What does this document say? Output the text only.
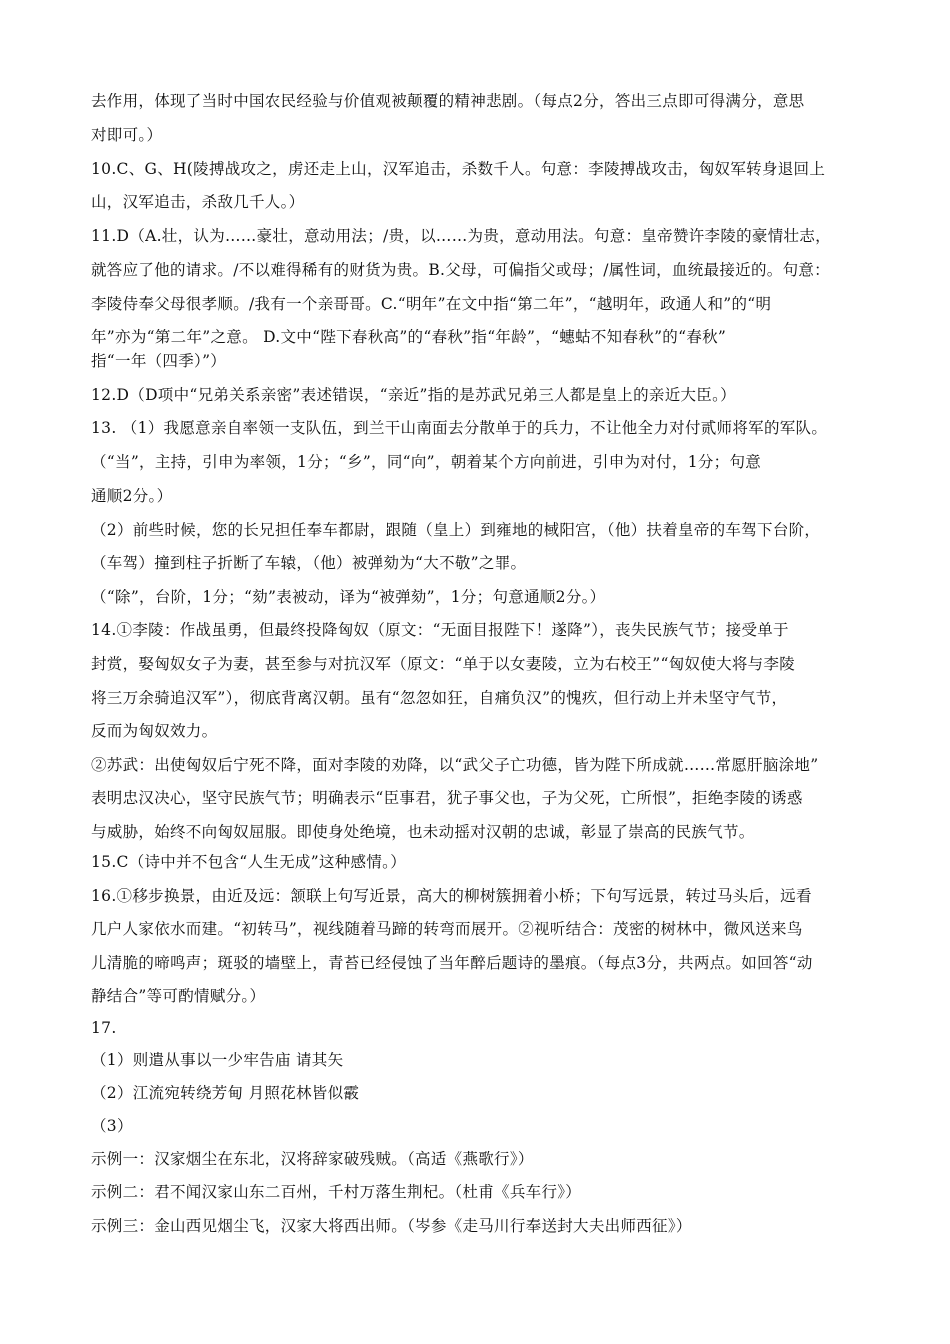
去作用，体现了当时中国农民经验与价值观被颠覆的精神悲剧。（每点2分，答出三点即可得满分，意思
对即可。）
10.C、G、H(陵搏战攻之，虏还走上山，汉军追击，杀数千人。句意：李陵搏战攻击，匈奴军转身退回上
山，汉军追击，杀敌几千人。）
11.D（A.壮，认为……豪壮，意动用法；/贵，以……为贵，意动用法。句意：皇帝赞许李陵的豪情壮志，
就答应了他的请求。/不以难得稀有的财货为贵。B.父母，可偏指父或母；/属性词，血统最接近的。句意：
李陵侍奉父母很孝顺。/我有一个亲哥哥。C.“明年”在文中指“第二年”，“越明年，政通人和”的“明
年”亦为“第二年”之意。 D.文中“陛下春秋高”的“春秋”指“年龄”，“蟪蛄不知春秋”的“春秋”
指“一年（四季）”）
12.D（D项中“兄弟关系亲密”表述错误，“亲近”指的是苏武兄弟三人都是皇上的亲近大臣。）
13. （1）我愿意亲自率领一支队伍，到兰干山南面去分散单于的兵力，不让他全力对付贰师将军的军队。
（“当”，主持，引申为率领，1分；“乡”，同“向”，朝着某个方向前进，引申为对付，1分；句意
通顺2分。）
（2）前些时候，您的长兄担任奉车都尉，跟随（皇上）到雍地的棫阳宫，（他）扶着皇帝的车驾下台阶，
（车驾）撞到柱子折断了车辕，（他）被弹劾为“大不敬”之罪。
（“除”，台阶，1分；“劾”表被动，译为“被弹劾”，1分；句意通顺2分。）
14.①李陵：作战虽勇，但最终投降匈奴（原文：“无面目报陛下！遂降”），丧失民族气节；接受单于
封赏，娶匈奴女子为妻，甚至参与对抗汉军（原文：“单于以女妻陵，立为右校王”“匈奴使大将与李陵
将三万余骑追汉军”），彻底背离汉朝。虽有“忽忽如狂，自痛负汉”的愧疚，但行动上并未坚守气节，
反而为匈奴效力。
②苏武：出使匈奴后宁死不降，面对李陵的劝降，以“武父子亡功德，皆为陛下所成就……常愿肝脑涂地”
表明忠汉决心，坚守民族气节；明确表示“臣事君，犹子事父也，子为父死，亡所恨”，拒绝李陵的诱惑
与威胁，始终不向匈奴屈服。即使身处绝境，也未动摇对汉朝的忠诚，彰显了崇高的民族气节。
15.C（诗中并不包含“人生无成”这种感情。）
16.①移步换景，由近及远：颔联上句写近景，高大的柳树簇拥着小桥；下句写远景，转过马头后，远看
几户人家依水而建。“初转马”，视线随着马蹄的转弯而展开。②视听结合：茂密的树林中，微风送来鸟
儿清脆的啼鸣声；斑驳的墙壁上，青苔已经侵蚀了当年醉后题诗的墨痕。（每点3分，共两点。如回答“动
静结合”等可酌情赋分。）
17.
（1）则遣从事以一少牢告庙 请其矢
（2）江流宛转绕芳甸 月照花林皆似霰
（3）
示例一：汉家烟尘在东北，汉将辞家破残贼。（高适《燕歌行》）
示例二：君不闻汉家山东二百州，千村万落生荆杞。（杜甫《兵车行》）
示例三：金山西见烟尘飞，汉家大将西出师。（岑参《走马川行奉送封大夫出师西征》）
